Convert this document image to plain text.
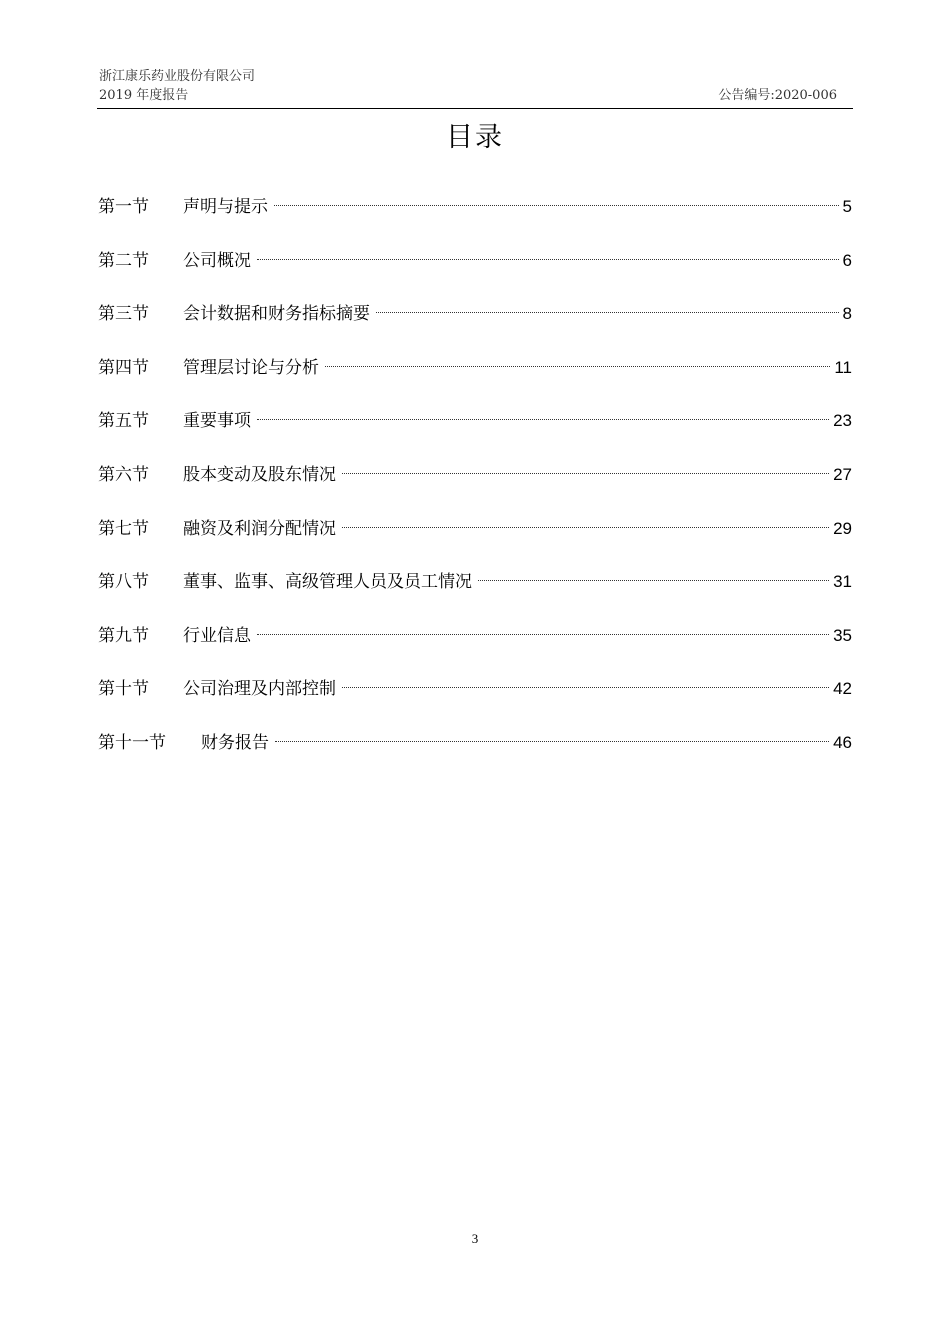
浙江康乐药业股份有限公司
2019 年度报告	公告编号:2020-006
目录
第一节	声明与提示	5
第二节	公司概况	6
第三节	会计数据和财务指标摘要	8
第四节	管理层讨论与分析	11
第五节	重要事项	23
第六节	股本变动及股东情况	27
第七节	融资及利润分配情况	29
第八节	董事、监事、高级管理人员及员工情况	31
第九节	行业信息	35
第十节	公司治理及内部控制	42
第十一节	财务报告	46
3
